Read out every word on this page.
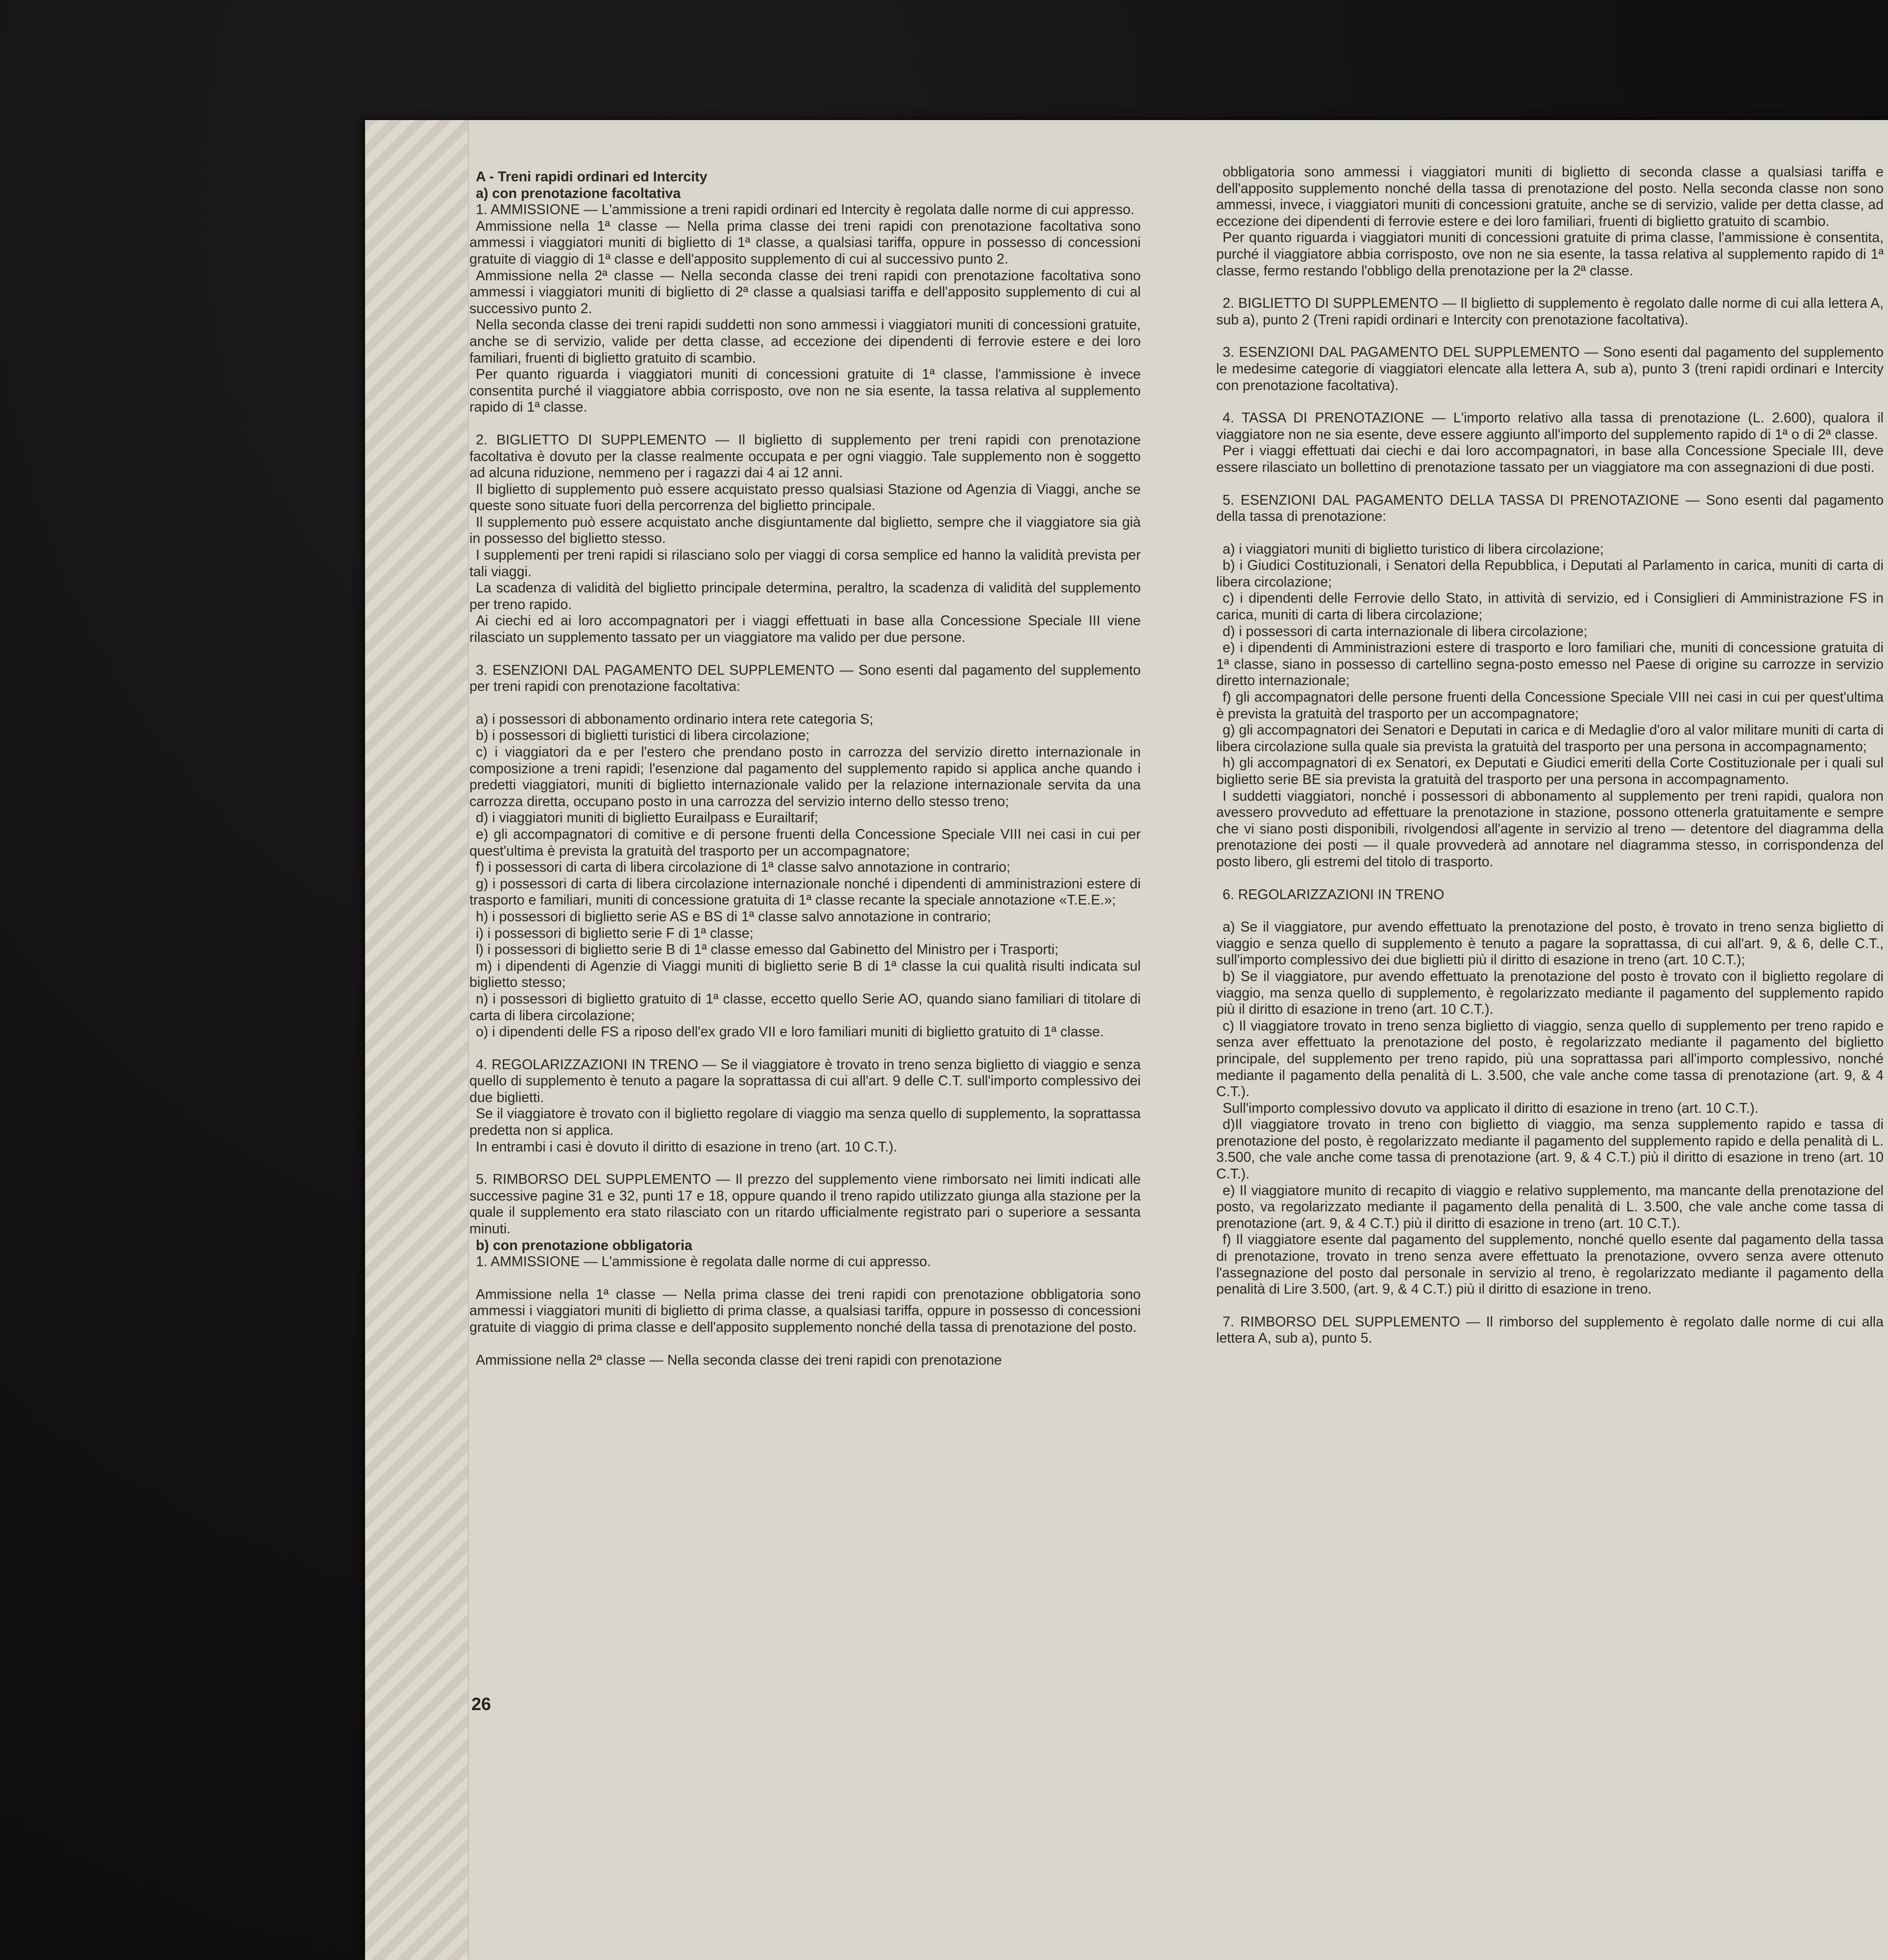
A - Treni rapidi ordinari ed Intercity

a) con prenotazione facoltativa

1. AMMISSIONE — L'ammissione a treni rapidi ordinari ed Intercity è regolata dalle norme di cui appresso.

Ammissione nella 1ª classe — Nella prima classe dei treni rapidi con prenotazione facoltativa sono ammessi i viaggiatori muniti di biglietto di 1ª classe, a qualsiasi tariffa, oppure in possesso di concessioni gratuite di viaggio di 1ª classe e dell'apposito supplemento di cui al successivo punto 2.

Ammissione nella 2ª classe — Nella seconda classe dei treni rapidi con prenotazione facoltativa sono ammessi i viaggiatori muniti di biglietto di 2ª classe a qualsiasi tariffa e dell'apposito supplemento di cui al successivo punto 2.

Nella seconda classe dei treni rapidi suddetti non sono ammessi i viaggiatori muniti di concessioni gratuite, anche se di servizio, valide per detta classe, ad eccezione dei dipendenti di ferrovie estere e dei loro familiari, fruenti di biglietto gratuito di scambio.

Per quanto riguarda i viaggiatori muniti di concessioni gratuite di 1ª classe, l'ammissione è invece consentita purché il viaggiatore abbia corrisposto, ove non ne sia esente, la tassa relativa al supplemento rapido di 1ª classe.

2. BIGLIETTO DI SUPPLEMENTO — Il biglietto di supplemento per treni rapidi con prenotazione facoltativa è dovuto per la classe realmente occupata e per ogni viaggio. Tale supplemento non è soggetto ad alcuna riduzione, nemmeno per i ragazzi dai 4 ai 12 anni.

Il biglietto di supplemento può essere acquistato presso qualsiasi Stazione od Agenzia di Viaggi, anche se queste sono situate fuori della percorrenza del biglietto principale.

Il supplemento può essere acquistato anche disgiuntamente dal biglietto, sempre che il viaggiatore sia già in possesso del biglietto stesso.

I supplementi per treni rapidi si rilasciano solo per viaggi di corsa semplice ed hanno la validità prevista per tali viaggi.

La scadenza di validità del biglietto principale determina, peraltro, la scadenza di validità del supplemento per treno rapido.

Ai ciechi ed ai loro accompagnatori per i viaggi effettuati in base alla Concessione Speciale III viene rilasciato un supplemento tassato per un viaggiatore ma valido per due persone.

3. ESENZIONI DAL PAGAMENTO DEL SUPPLEMENTO — Sono esenti dal pagamento del supplemento per treni rapidi con prenotazione facoltativa:

a) i possessori di abbonamento ordinario intera rete categoria S;

b) i possessori di biglietti turistici di libera circolazione;

c) i viaggiatori da e per l'estero che prendano posto in carrozza del servizio diretto internazionale in composizione a treni rapidi; l'esenzione dal pagamento del supplemento rapido si applica anche quando i predetti viaggiatori, muniti di biglietto internazionale valido per la relazione internazionale servita da una carrozza diretta, occupano posto in una carrozza del servizio interno dello stesso treno;

d) i viaggiatori muniti di biglietto Eurailpass e Eurailtarif;

e) gli accompagnatori di comitive e di persone fruenti della Concessione Speciale VIII nei casi in cui per quest'ultima è prevista la gratuità del trasporto per un accompagnatore;

f) i possessori di carta di libera circolazione di 1ª classe salvo annotazione in contrario;

g) i possessori di carta di libera circolazione internazionale nonché i dipendenti di amministrazioni estere di trasporto e familiari, muniti di concessione gratuita di 1ª classe recante la speciale annotazione «T.E.E.»;

h) i possessori di biglietto serie AS e BS di 1ª classe salvo annotazione in contrario;

i) i possessori di biglietto serie F di 1ª classe;

l) i possessori di biglietto serie B di 1ª classe emesso dal Gabinetto del Ministro per i Trasporti;

m) i dipendenti di Agenzie di Viaggi muniti di biglietto serie B di 1ª classe la cui qualità risulti indicata sul biglietto stesso;

n) i possessori di biglietto gratuito di 1ª classe, eccetto quello Serie AO, quando siano familiari di titolare di carta di libera circolazione;

o) i dipendenti delle FS a riposo dell'ex grado VII e loro familiari muniti di biglietto gratuito di 1ª classe.

4. REGOLARIZZAZIONI IN TRENO — Se il viaggiatore è trovato in treno senza biglietto di viaggio e senza quello di supplemento è tenuto a pagare la soprattassa di cui all'art. 9 delle C.T. sull'importo complessivo dei due biglietti.

Se il viaggiatore è trovato con il biglietto regolare di viaggio ma senza quello di supplemento, la soprattassa predetta non si applica.

In entrambi i casi è dovuto il diritto di esazione in treno (art. 10 C.T.).

5. RIMBORSO DEL SUPPLEMENTO — Il prezzo del supplemento viene rimborsato nei limiti indicati alle successive pagine 31 e 32, punti 17 e 18, oppure quando il treno rapido utilizzato giunga alla stazione per la quale il supplemento era stato rilasciato con un ritardo ufficialmente registrato pari o superiore a sessanta minuti.

b) con prenotazione obbligatoria

1. AMMISSIONE — L'ammissione è regolata dalle norme di cui appresso.

Ammissione nella 1ª classe — Nella prima classe dei treni rapidi con prenotazione obbligatoria sono ammessi i viaggiatori muniti di biglietto di prima classe, a qualsiasi tariffa, oppure in possesso di concessioni gratuite di viaggio di prima classe e dell'apposito supplemento nonché della tassa di prenotazione del posto.

Ammissione nella 2ª classe — Nella seconda classe dei treni rapidi con prenotazione

obbligatoria sono ammessi i viaggiatori muniti di biglietto di seconda classe a qualsiasi tariffa e dell'apposito supplemento nonché della tassa di prenotazione del posto. Nella seconda classe non sono ammessi, invece, i viaggiatori muniti di concessioni gratuite, anche se di servizio, valide per detta classe, ad eccezione dei dipendenti di ferrovie estere e dei loro familiari, fruenti di biglietto gratuito di scambio.

Per quanto riguarda i viaggiatori muniti di concessioni gratuite di prima classe, l'ammissione è consentita, purché il viaggiatore abbia corrisposto, ove non ne sia esente, la tassa relativa al supplemento rapido di 1ª classe, fermo restando l'obbligo della prenotazione per la 2ª classe.

2. BIGLIETTO DI SUPPLEMENTO — Il biglietto di supplemento è regolato dalle norme di cui alla lettera A, sub a), punto 2 (Treni rapidi ordinari e Intercity con prenotazione facoltativa).

3. ESENZIONI DAL PAGAMENTO DEL SUPPLEMENTO — Sono esenti dal pagamento del supplemento le medesime categorie di viaggiatori elencate alla lettera A, sub a), punto 3 (treni rapidi ordinari e Intercity con prenotazione facoltativa).

4. TASSA DI PRENOTAZIONE — L'importo relativo alla tassa di prenotazione (L. 2.600), qualora il viaggiatore non ne sia esente, deve essere aggiunto all'importo del supplemento rapido di 1ª o di 2ª classe.

Per i viaggi effettuati dai ciechi e dai loro accompagnatori, in base alla Concessione Speciale III, deve essere rilasciato un bollettino di prenotazione tassato per un viaggiatore ma con assegnazioni di due posti.

5. ESENZIONI DAL PAGAMENTO DELLA TASSA DI PRENOTAZIONE — Sono esenti dal pagamento della tassa di prenotazione:

a) i viaggiatori muniti di biglietto turistico di libera circolazione;

b) i Giudici Costituzionali, i Senatori della Repubblica, i Deputati al Parlamento in carica, muniti di carta di libera circolazione;

c) i dipendenti delle Ferrovie dello Stato, in attività di servizio, ed i Consiglieri di Amministrazione FS in carica, muniti di carta di libera circolazione;

d) i possessori di carta internazionale di libera circolazione;

e) i dipendenti di Amministrazioni estere di trasporto e loro familiari che, muniti di concessione gratuita di 1ª classe, siano in possesso di cartellino segna-posto emesso nel Paese di origine su carrozze in servizio diretto internazionale;

f) gli accompagnatori delle persone fruenti della Concessione Speciale VIII nei casi in cui per quest'ultima è prevista la gratuità del trasporto per un accompagnatore;

g) gli accompagnatori dei Senatori e Deputati in carica e di Medaglie d'oro al valor militare muniti di carta di libera circolazione sulla quale sia prevista la gratuità del trasporto per una persona in accompagnamento;

h) gli accompagnatori di ex Senatori, ex Deputati e Giudici emeriti della Corte Costituzionale per i quali sul biglietto serie BE sia prevista la gratuità del trasporto per una persona in accompagnamento.

I suddetti viaggiatori, nonché i possessori di abbonamento al supplemento per treni rapidi, qualora non avessero provveduto ad effettuare la prenotazione in stazione, possono ottenerla gratuitamente e sempre che vi siano posti disponibili, rivolgendosi all'agente in servizio al treno — detentore del diagramma della prenotazione dei posti — il quale provvederà ad annotare nel diagramma stesso, in corrispondenza del posto libero, gli estremi del titolo di trasporto.

6. REGOLARIZZAZIONI IN TRENO

a) Se il viaggiatore, pur avendo effettuato la prenotazione del posto, è trovato in treno senza biglietto di viaggio e senza quello di supplemento è tenuto a pagare la soprattassa, di cui all'art. 9, & 6, delle C.T., sull'importo complessivo dei due biglietti più il diritto di esazione in treno (art. 10 C.T.);

b) Se il viaggiatore, pur avendo effettuato la prenotazione del posto è trovato con il biglietto regolare di viaggio, ma senza quello di supplemento, è regolarizzato mediante il pagamento del supplemento rapido più il diritto di esazione in treno (art. 10 C.T.).

c) Il viaggiatore trovato in treno senza biglietto di viaggio, senza quello di supplemento per treno rapido e senza aver effettuato la prenotazione del posto, è regolarizzato mediante il pagamento del biglietto principale, del supplemento per treno rapido, più una soprattassa pari all'importo complessivo, nonché mediante il pagamento della penalità di L. 3.500, che vale anche come tassa di prenotazione (art. 9, & 4 C.T.).

Sull'importo complessivo dovuto va applicato il diritto di esazione in treno (art. 10 C.T.).

d)Il viaggiatore trovato in treno con biglietto di viaggio, ma senza supplemento rapido e tassa di prenotazione del posto, è regolarizzato mediante il pagamento del supplemento rapido e della penalità di L. 3.500, che vale anche come tassa di prenotazione (art. 9, & 4 C.T.) più il diritto di esazione in treno (art. 10 C.T.).

e) Il viaggiatore munito di recapito di viaggio e relativo supplemento, ma mancante della prenotazione del posto, va regolarizzato mediante il pagamento della penalità di L. 3.500, che vale anche come tassa di prenotazione (art. 9, & 4 C.T.) più il diritto di esazione in treno (art. 10 C.T.).

f) Il viaggiatore esente dal pagamento del supplemento, nonché quello esente dal pagamento della tassa di prenotazione, trovato in treno senza avere effettuato la prenotazione, ovvero senza avere ottenuto l'assegnazione del posto dal personale in servizio al treno, è regolarizzato mediante il pagamento della penalità di Lire 3.500, (art. 9, & 4 C.T.) più il diritto di esazione in treno.

7. RIMBORSO DEL SUPPLEMENTO — Il rimborso del supplemento è regolato dalle norme di cui alla lettera A, sub a), punto 5.

26
